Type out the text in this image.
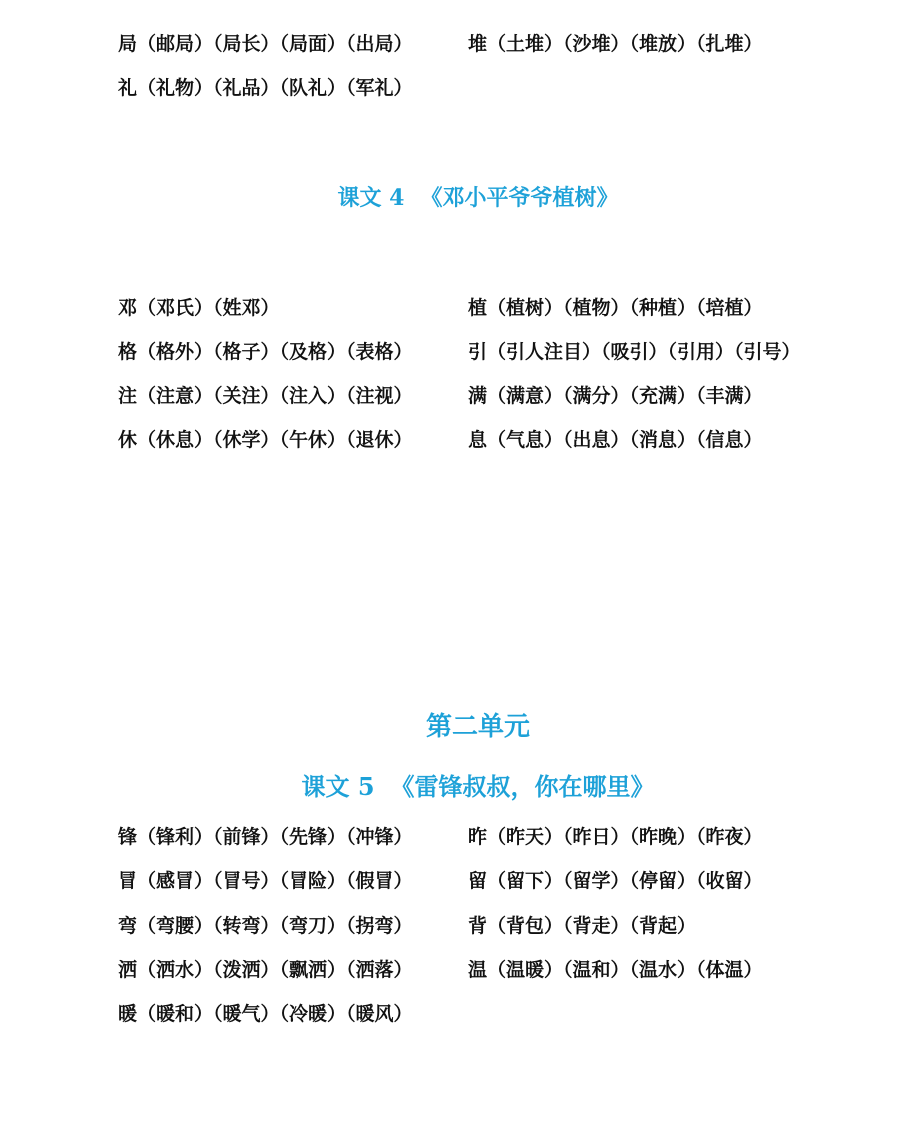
局（邮局）（局长）（局面）（出局）	堆（土堆）（沙堆）（堆放）（扎堆）
礼（礼物）（礼品）（队礼）（军礼）
课文 4 《邓小平爷爷植树》
邓（邓氏）（姓邓）	植（植树）（植物）（种植）（培植）
格（格外）（格子）（及格）（表格）	引（引人注目）（吸引）（引用）（引号）
注（注意）（关注）（注入）（注视）	满（满意）（满分）（充满）（丰满）
休（休息）（休学）（午休）（退休）	息（气息）（出息）（消息）（信息）
第二单元
课文 5 《雷锋叔叔，你在哪里》
锋（锋利）（前锋）（先锋）（冲锋）	昨（昨天）（昨日）（昨晚）（昨夜）
冒（感冒）（冒号）（冒险）（假冒）	留（留下）（留学）（停留）（收留）
弯（弯腰）（转弯）（弯刀）（拐弯）	背（背包）（背走）（背起）
洒（洒水）（泼洒）（飘洒）（洒落）	温（温暖）（温和）（温水）（体温）
暖（暖和）（暖气）（冷暖）（暖风）
